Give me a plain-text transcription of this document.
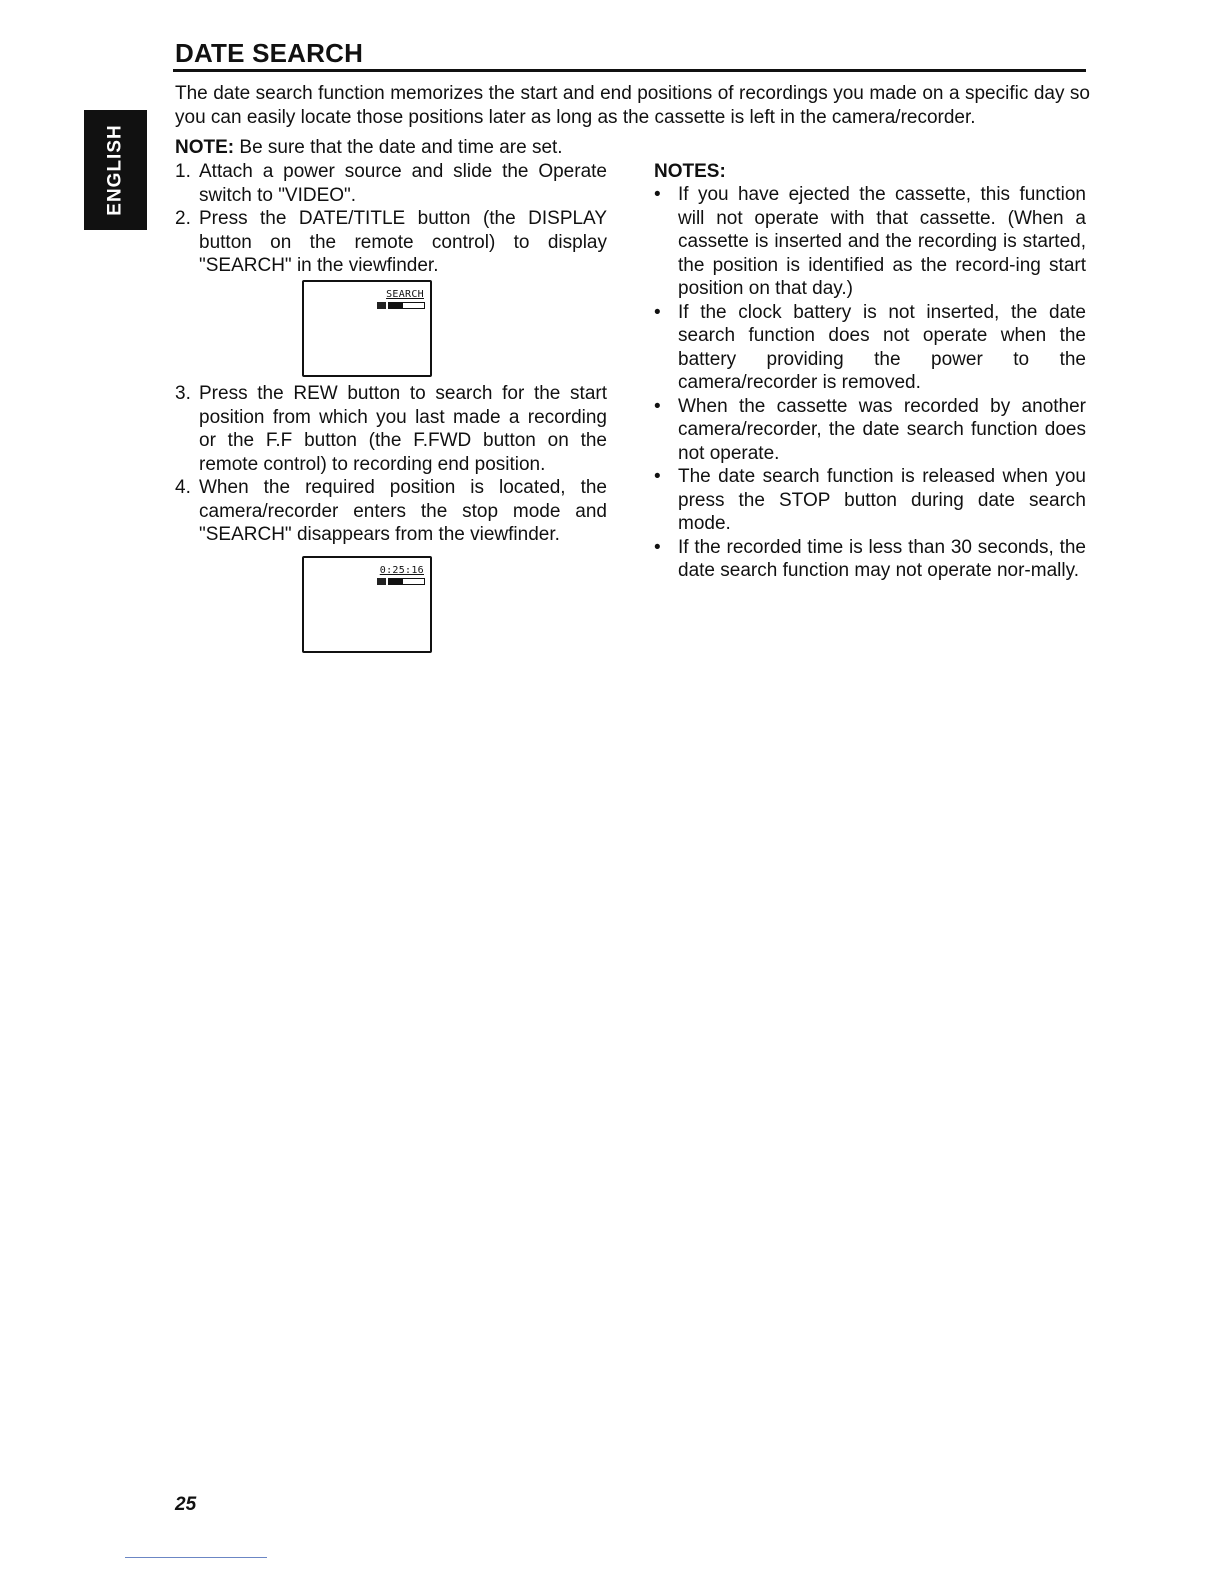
ENGLISH
DATE SEARCH

The date search function memorizes the start and end positions of recordings you made on a specific day so you can easily locate those positions later as long as the cassette is left in the camera/recorder.

NOTE: Be sure that the date and time are set.

1. Attach a power source and slide the Operate switch to "VIDEO".
2. Press the DATE/TITLE button (the DISPLAY button on the remote control) to display "SEARCH" in the viewfinder.
SEARCH
3. Press the REW button to search for the start position from which you last made a recording or the F.F button (the F.FWD button on the remote control) to recording end position.
4. When the required position is located, the camera/recorder enters the stop mode and "SEARCH" disappears from the viewfinder.
0:25:16
NOTES:
• If you have ejected the cassette, this function will not operate with that cassette. (When a cassette is inserted and the recording is started, the position is identified as the record-ing start position on that day.)
• If the clock battery is not inserted, the date search function does not operate when the battery providing the power to the camera/recorder is removed.
• When the cassette was recorded by another camera/recorder, the date search function does not operate.
• The date search function is released when you press the STOP button during date search mode.
• If the recorded time is less than 30 seconds, the date search function may not operate nor-mally.

25
